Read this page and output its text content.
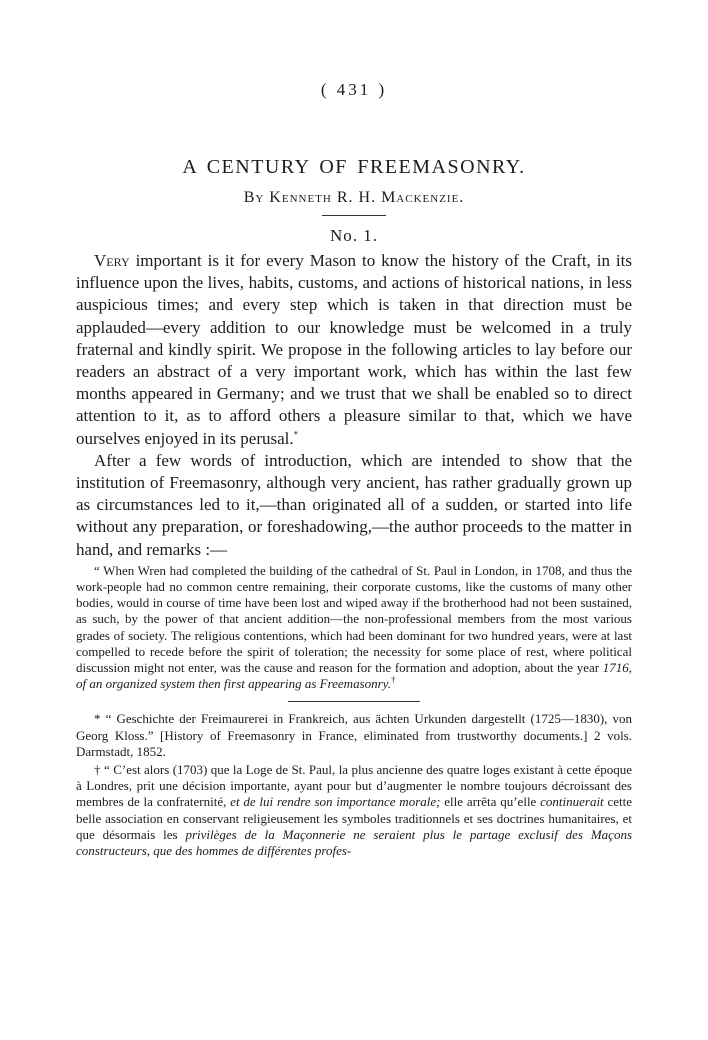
( 431 )
A CENTURY OF FREEMASONRY.
By Kenneth R. H. Mackenzie.
No. 1.

Very important is it for every Mason to know the history of the Craft, in its influence upon the lives, habits, customs, and actions of historical nations, in less auspicious times; and every step which is taken in that direction must be applauded—every addition to our knowledge must be welcomed in a truly fraternal and kindly spirit. We propose in the following articles to lay before our readers an abstract of a very important work, which has within the last few months appeared in Germany; and we trust that we shall be enabled so to direct attention to it, as to afford others a pleasure similar to that, which we have ourselves enjoyed in its perusal.*

After a few words of introduction, which are intended to show that the institution of Freemasonry, although very ancient, has rather gradually grown up as circumstances led to it,—than originated all of a sudden, or started into life without any preparation, or foreshadowing,—the author proceeds to the matter in hand, and remarks :—

“ When Wren had completed the building of the cathedral of St. Paul in London, in 1708, and thus the work-people had no common centre remaining, their corporate customs, like the customs of many other bodies, would in course of time have been lost and wiped away if the brotherhood had not been sustained, as such, by the power of that ancient addition—the non-professional members from the most various grades of society. The religious contentions, which had been dominant for two hundred years, were at last compelled to recede before the spirit of toleration; the necessity for some place of rest, where political discussion might not enter, was the cause and reason for the formation and adoption, about the year 1716, of an organized system then first appearing as Freemasonry.†

* “ Geschichte der Freimaurerei in Frankreich, aus ächten Urkunden dargestellt (1725—1830), von Georg Kloss.” [History of Freemasonry in France, eliminated from trustworthy documents.] 2 vols. Darmstadt, 1852.

† “ C’est alors (1703) que la Loge de St. Paul, la plus ancienne des quatre loges existant à cette époque à Londres, prit une décision importante, ayant pour but d’augmenter le nombre toujours décroissant des membres de la confraternité, et de lui rendre son importance morale; elle arrêta qu’elle continuerait cette belle association en conservant religieusement les symboles traditionnels et ses doctrines humanitaires, et que désormais les privilèges de la Maçonnerie ne seraient plus le partage exclusif des Maçons constructeurs, que des hommes de différentes profes-
